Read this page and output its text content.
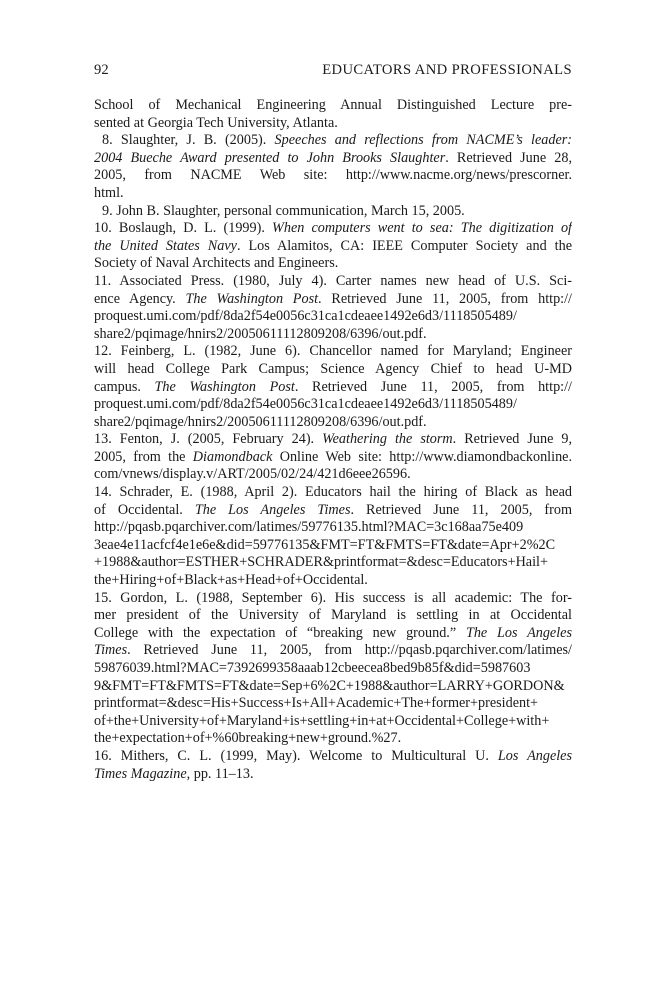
92	EDUCATORS AND PROFESSIONALS
School of Mechanical Engineering Annual Distinguished Lecture pre-
sented at Georgia Tech University, Atlanta.
8. Slaughter, J. B. (2005). Speeches and reflections from NACME’s leader:
2004 Bueche Award presented to John Brooks Slaughter. Retrieved June 28,
2005, from NACME Web site: http://www.nacme.org/news/prescorner.
html.
9. John B. Slaughter, personal communication, March 15, 2005.
10. Boslaugh, D. L. (1999). When computers went to sea: The digitization of
the United States Navy. Los Alamitos, CA: IEEE Computer Society and the
Society of Naval Architects and Engineers.
11. Associated Press. (1980, July 4). Carter names new head of U.S. Sci-
ence Agency. The Washington Post. Retrieved June 11, 2005, from http://
proquest.umi.com/pdf/8da2f54e0056c31ca1cdeaee1492e6d3/1118505489/
share2/pqimage/hnirs2/20050611112809208/6396/out.pdf.
12. Feinberg, L. (1982, June 6). Chancellor named for Maryland; Engineer
will head College Park Campus; Science Agency Chief to head U-MD
campus. The Washington Post. Retrieved June 11, 2005, from http://
proquest.umi.com/pdf/8da2f54e0056c31ca1cdeaee1492e6d3/1118505489/
share2/pqimage/hnirs2/20050611112809208/6396/out.pdf.
13. Fenton, J. (2005, February 24). Weathering the storm. Retrieved June 9,
2005, from the Diamondback Online Web site: http://www.diamondbackonline.
com/vnews/display.v/ART/2005/02/24/421d6eee26596.
14. Schrader, E. (1988, April 2). Educators hail the hiring of Black as head
of Occidental. The Los Angeles Times. Retrieved June 11, 2005, from
http://pqasb.pqarchiver.com/latimes/59776135.html?MAC=3c168aa75e409
3eae4e11acfcf4e1e6e&did=59776135&FMT=FT&FMTS=FT&date=Apr+2%2C
+1988&author=ESTHER+SCHRADER&printformat=&desc=Educators+Hail+
the+Hiring+of+Black+as+Head+of+Occidental.
15. Gordon, L. (1988, September 6). His success is all academic: The for-
mer president of the University of Maryland is settling in at Occidental
College with the expectation of “breaking new ground.” The Los Angeles
Times. Retrieved June 11, 2005, from http://pqasb.pqarchiver.com/latimes/
59876039.html?MAC=7392699358aaab12cbeecea8bed9b85f&did=5987603
9&FMT=FT&FMTS=FT&date=Sep+6%2C+1988&author=LARRY+GORDON&
printformat=&desc=His+Success+Is+All+Academic+The+former+president+
of+the+University+of+Maryland+is+settling+in+at+Occidental+College+with+
the+expectation+of+%60breaking+new+ground.%27.
16. Mithers, C. L. (1999, May). Welcome to Multicultural U. Los Angeles
Times Magazine, pp. 11–13.
